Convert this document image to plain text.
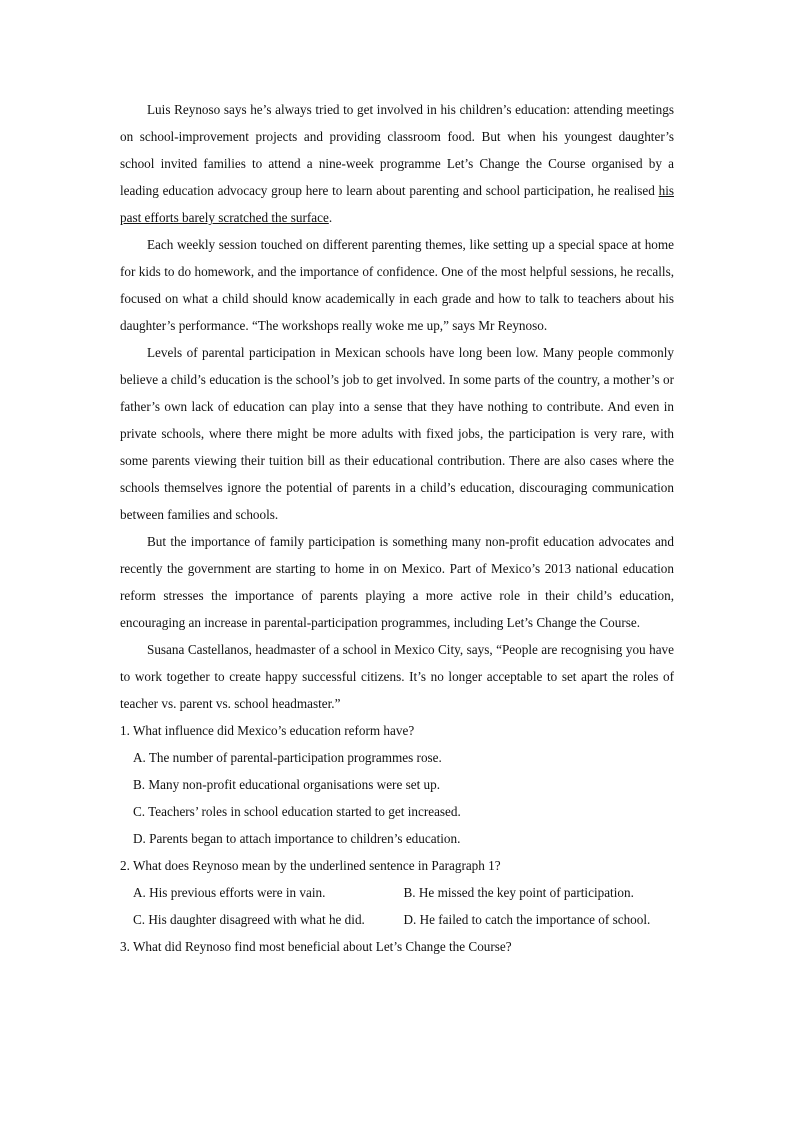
Luis Reynoso says he’s always tried to get involved in his children’s education: attending meetings on school-improvement projects and providing classroom food. But when his youngest daughter’s school invited families to attend a nine-week programme Let’s Change the Course organised by a leading education advocacy group here to learn about parenting and school participation, he realised his past efforts barely scratched the surface.

Each weekly session touched on different parenting themes, like setting up a special space at home for kids to do homework, and the importance of confidence. One of the most helpful sessions, he recalls, focused on what a child should know academically in each grade and how to talk to teachers about his daughter’s performance. “The workshops really woke me up,” says Mr Reynoso.

Levels of parental participation in Mexican schools have long been low. Many people commonly believe a child’s education is the school’s job to get involved. In some parts of the country, a mother’s or father’s own lack of education can play into a sense that they have nothing to contribute. And even in private schools, where there might be more adults with fixed jobs, the participation is very rare, with some parents viewing their tuition bill as their educational contribution. There are also cases where the schools themselves ignore the potential of parents in a child’s education, discouraging communication between families and schools.

But the importance of family participation is something many non-profit education advocates and recently the government are starting to home in on Mexico. Part of Mexico’s 2013 national education reform stresses the importance of parents playing a more active role in their child’s education, encouraging an increase in parental-participation programmes, including Let’s Change the Course.

Susana Castellanos, headmaster of a school in Mexico City, says, “People are recognising you have to work together to create happy successful citizens. It’s no longer acceptable to set apart the roles of teacher vs. parent vs. school headmaster.”

1. What influence did Mexico’s education reform have?

A. The number of parental-participation programmes rose.

B. Many non-profit educational organisations were set up.

C. Teachers’ roles in school education started to get increased.

D. Parents began to attach importance to children’s education.

2. What does Reynoso mean by the underlined sentence in Paragraph 1?

A. His previous efforts were in vain.	B. He missed the key point of participation.
C. His daughter disagreed with what he did.	D. He failed to catch the importance of school.

3. What did Reynoso find most beneficial about Let’s Change the Course?
